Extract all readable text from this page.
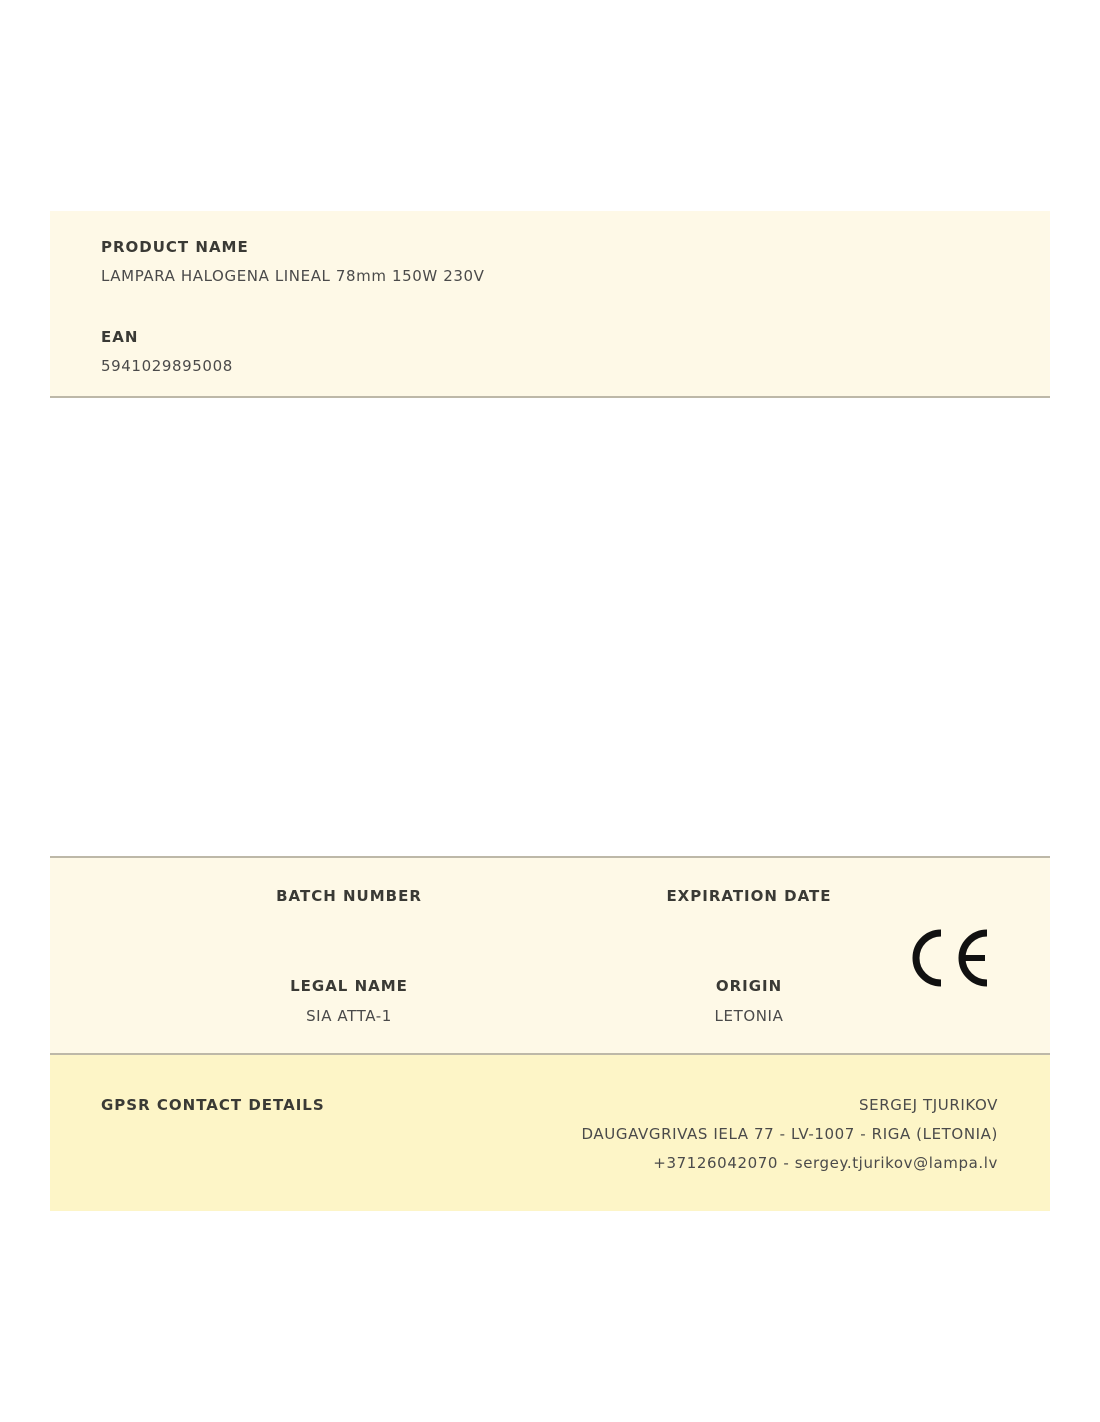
PRODUCT NAME
LAMPARA HALOGENA LINEAL 78mm 150W 230V
EAN
5941029895008
BATCH NUMBER	EXPIRATION DATE
LEGAL NAME
SIA ATTA-1
ORIGIN
LETONIA
GPSR CONTACT DETAILS	SERGEJ TJURIKOV
DAUGAVGRIVAS IELA 77 - LV-1007 - RIGA (LETONIA)
+37126042070 - sergey.tjurikov@lampa.lv
